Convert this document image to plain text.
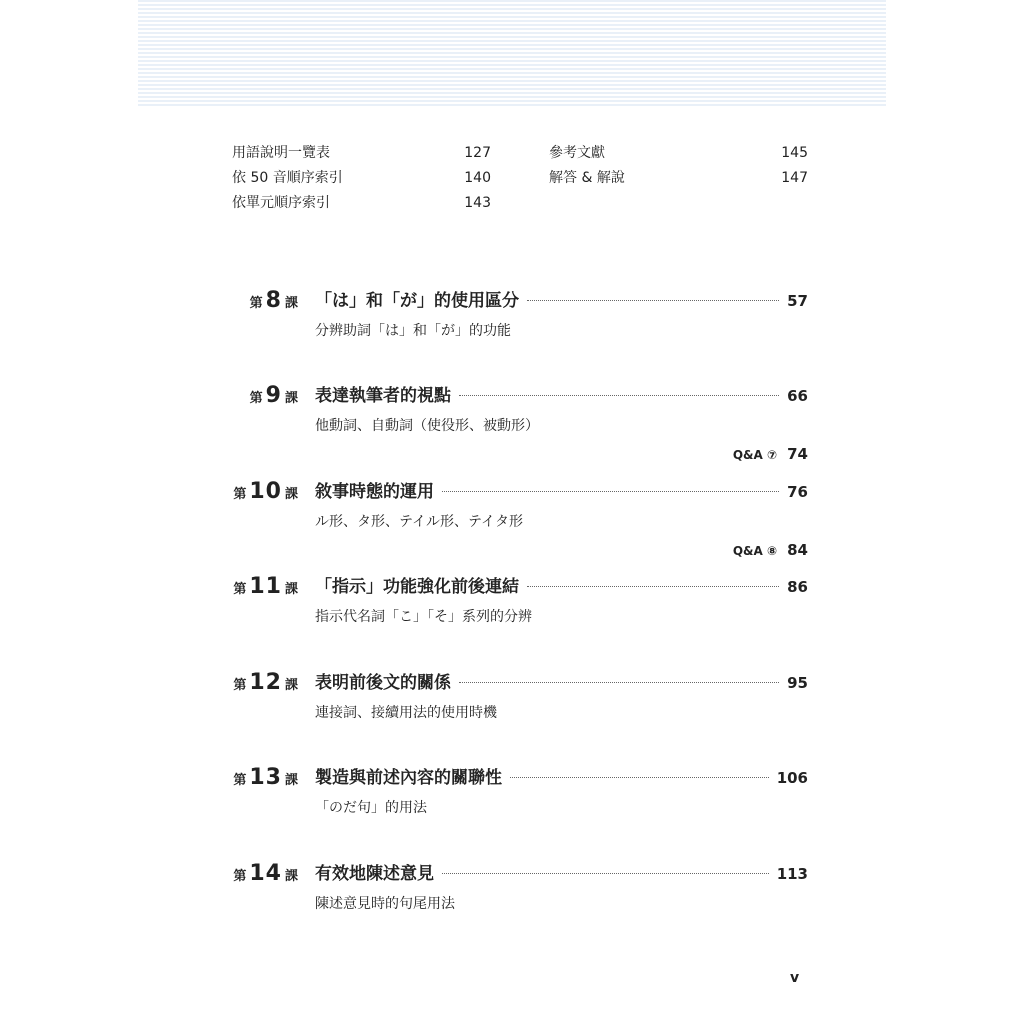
用語說明一覽表	127
依 50 音順序索引	140
依單元順序索引	143
參考文獻	145
解答 & 解說	147
第 8 課 「は」和「が」的使用區分	57
分辨助詞「は」和「が」的功能
第 9 課 表達執筆者的視點	66
他動詞、自動詞（使役形、被動形）
Q&A ⑦ 74
第 10 課 敘事時態的運用	76
ル形、タ形、テイル形、テイタ形
Q&A ⑧ 84
第 11 課 「指示」功能強化前後連結	86
指示代名詞「こ」「そ」系列的分辨
第 12 課 表明前後文的關係	95
連接詞、接續用法的使用時機
第 13 課 製造與前述內容的關聯性	106
「のだ句」的用法
第 14 課 有效地陳述意見	113
陳述意見時的句尾用法
v
